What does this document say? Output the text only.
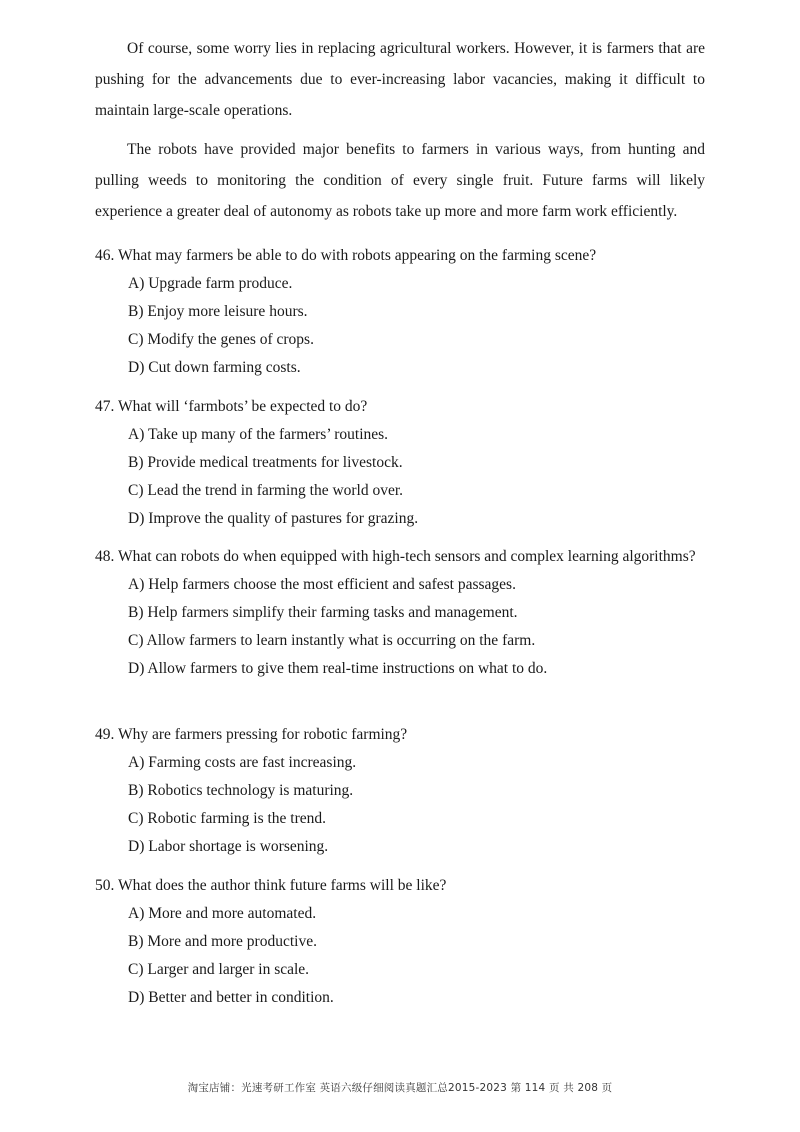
Of course, some worry lies in replacing agricultural workers. However, it is farmers that are pushing for the advancements due to ever-increasing labor vacancies, making it difficult to maintain large-scale operations.

The robots have provided major benefits to farmers in various ways, from hunting and pulling weeds to monitoring the condition of every single fruit. Future farms will likely experience a greater deal of autonomy as robots take up more and more farm work efficiently.

46. What may farmers be able to do with robots appearing on the farming scene?

A) Upgrade farm produce.
B) Enjoy more leisure hours.
C) Modify the genes of crops.
D) Cut down farming costs.

47. What will ‘farmbots’ be expected to do?

A) Take up many of the farmers’ routines.
B) Provide medical treatments for livestock.
C) Lead the trend in farming the world over.
D) Improve the quality of pastures for grazing.

48. What can robots do when equipped with high-tech sensors and complex learning algorithms?

A) Help farmers choose the most efficient and safest passages.
B) Help farmers simplify their farming tasks and management.
C) Allow farmers to learn instantly what is occurring on the farm.
D) Allow farmers to give them real-time instructions on what to do.

49. Why are farmers pressing for robotic farming?

A) Farming costs are fast increasing.
B) Robotics technology is maturing.
C) Robotic farming is the trend.
D) Labor shortage is worsening.

50. What does the author think future farms will be like?

A) More and more automated.
B) More and more productive.
C) Larger and larger in scale.
D) Better and better in condition.
淘宝店铺：光速考研工作室 英语六级仔细阅读真题汇总2015-2023 第 114 页 共 208 页
